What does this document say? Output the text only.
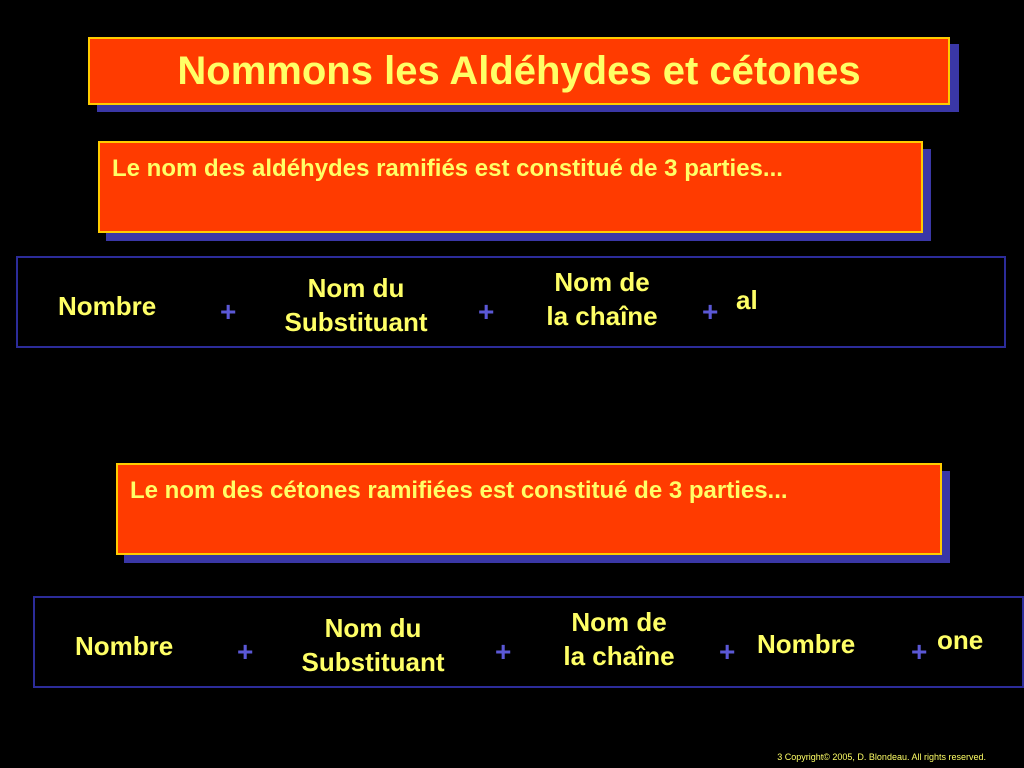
Nommons les Aldéhydes et cétones
Le nom des aldéhydes ramifiés est constitué de 3 parties...
Nombre +
Nom du
Substituant	+
Nom de
la chaîne	+ al
Le nom des cétones ramifiées est constitué de 3 parties...
Nombre +
Nom du
Substituant	+
Nom de
la chaîne	+ Nombre + one
3 Copyright© 2005, D. Blondeau. All rights reserved.
